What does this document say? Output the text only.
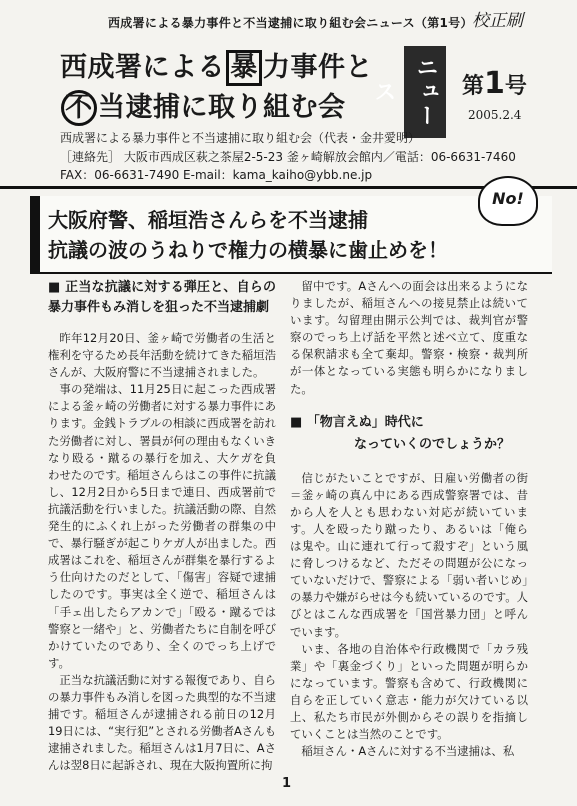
西成署による暴力事件と不当逮捕に取り組む会ニュース（第1号） 校正刷
西成署による 暴 力事件と
不 当逮捕に取り組む会	ニュース	第1号
2005.2.4
西成署による暴力事件と不当逮捕に取り組む会（代表・金井愛明）
［連絡先］ 大阪市西成区萩之茶屋2-5-23 釜ヶ崎解放会館内／電話：06-6631-7460
FAX：06-6631-7490 E-mail：kama_kaiho@ybb.ne.jp
大阪府警、稲垣浩さんらを不当逮捕
抗議の波のうねりで権力の横暴に歯止めを！
No!

■ 正当な抗議に対する弾圧と、自らの暴力事件もみ消しを狙った不当逮捕劇

昨年12月20日、釜ヶ崎で労働者の生活と権利を守るため長年活動を続けてきた稲垣浩さんが、大阪府警に不当逮捕されました。

事の発端は、11月25日に起こった西成署による釜ヶ崎の労働者に対する暴力事件にあります。金銭トラブルの相談に西成署を訪れた労働者に対し、署員が何の理由もなくいきなり殴る・蹴るの暴行を加え、大ケガを負わせたのです。稲垣さんらはこの事件に抗議し、12月2日から5日まで連日、西成署前で抗議活動を行いました。抗議活動の際、自然発生的にふくれ上がった労働者の群集の中で、暴行騒ぎが起こりケガ人が出ました。西成署はこれを、稲垣さんが群集を暴行するよう仕向けたのだとして、「傷害」容疑で逮捕したのです。事実は全く逆で、稲垣さんは「手ェ出したらアカンで」「殴る・蹴るでは警察と一緒や」と、労働者たちに自制を呼びかけていたのであり、全くのでっち上げです。

正当な抗議活動に対する報復であり、自らの暴力事件もみ消しを図った典型的な不当逮捕です。稲垣さんが逮捕される前日の12月19日には、“実行犯”とされる労働者Aさんも逮捕されました。稲垣さんは1月7日に、Aさんは翌8日に起訴され、現在大阪拘置所に拘

留中です。Aさんへの面会は出来るようになりましたが、稲垣さんへの接見禁止は続いています。勾留理由開示公判では、裁判官が警察のでっち上げ話を平然と述べ立て、度重なる保釈請求も全て棄却。警察・検察・裁判所が一体となっている実態も明らかになりました。

■ 「物言えぬ」時代に
なっていくのでしょうか？

信じがたいことですが、日雇い労働者の街＝釜ヶ崎の真ん中にある西成警察署では、昔から人を人とも思わない対応が続いています。人を殴ったり蹴ったり、あるいは「俺らは鬼や。山に連れて行って殺すぞ」という風に脅しつけるなど、ただその問題が公になっていないだけで、警察による「弱い者いじめ」の暴力や嫌がらせは今も続いているのです。人びとはこんな西成署を「国営暴力団」と呼んでいます。

いま、各地の自治体や行政機関で「カラ残業」や「裏金づくり」といった問題が明らかになっています。警察も含めて、行政機関に自らを正していく意志・能力が欠けている以上、私たち市民が外側からその誤りを指摘していくことは当然のことです。

稲垣さん・Aさんに対する不当逮捕は、私

1
